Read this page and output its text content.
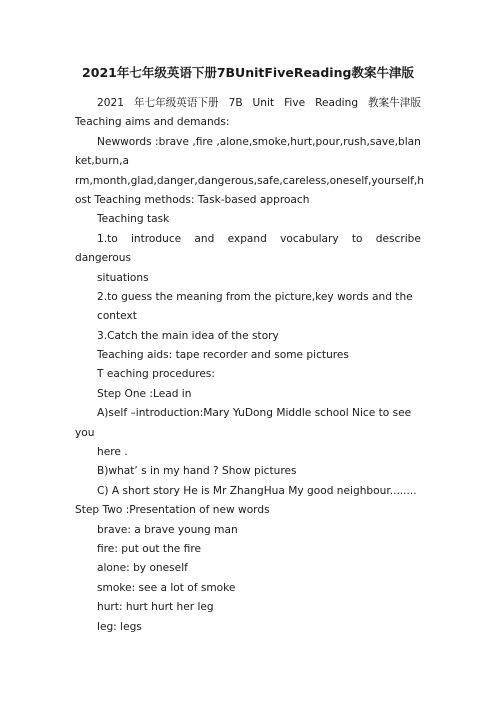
2021年七年级英语下册7BUnitFiveReading教案牛津版
2021 年七年级英语下册 7B Unit Five Reading 教案牛津版
Teaching aims and demands:
Newwords :brave ,fire ,alone,smoke,hurt,pour,rush,save,blan
ket,burn,a
rm,month,glad,danger,dangerous,safe,careless,oneself,yourself,h
ost Teaching methods: Task-based approach
Teaching task
1.to introduce and expand vocabulary to describe
dangerous
situations
2.to guess the meaning from the picture,key words and the
context
3.Catch the main idea of the story
Teaching aids: tape recorder and some pictures
T eaching procedures:
Step One :Lead in
A)self –introduction:Mary YuDong Middle school Nice to see
you
here .
B)what’ s in my hand ? Show pictures
C) A short story He is Mr ZhangHua My good neighbour........
Step Two :Presentation of new words
brave: a brave young man
fire: put out the fire
alone: by oneself
smoke: see a lot of smoke
hurt: hurt hurt her leg
leg: legs
